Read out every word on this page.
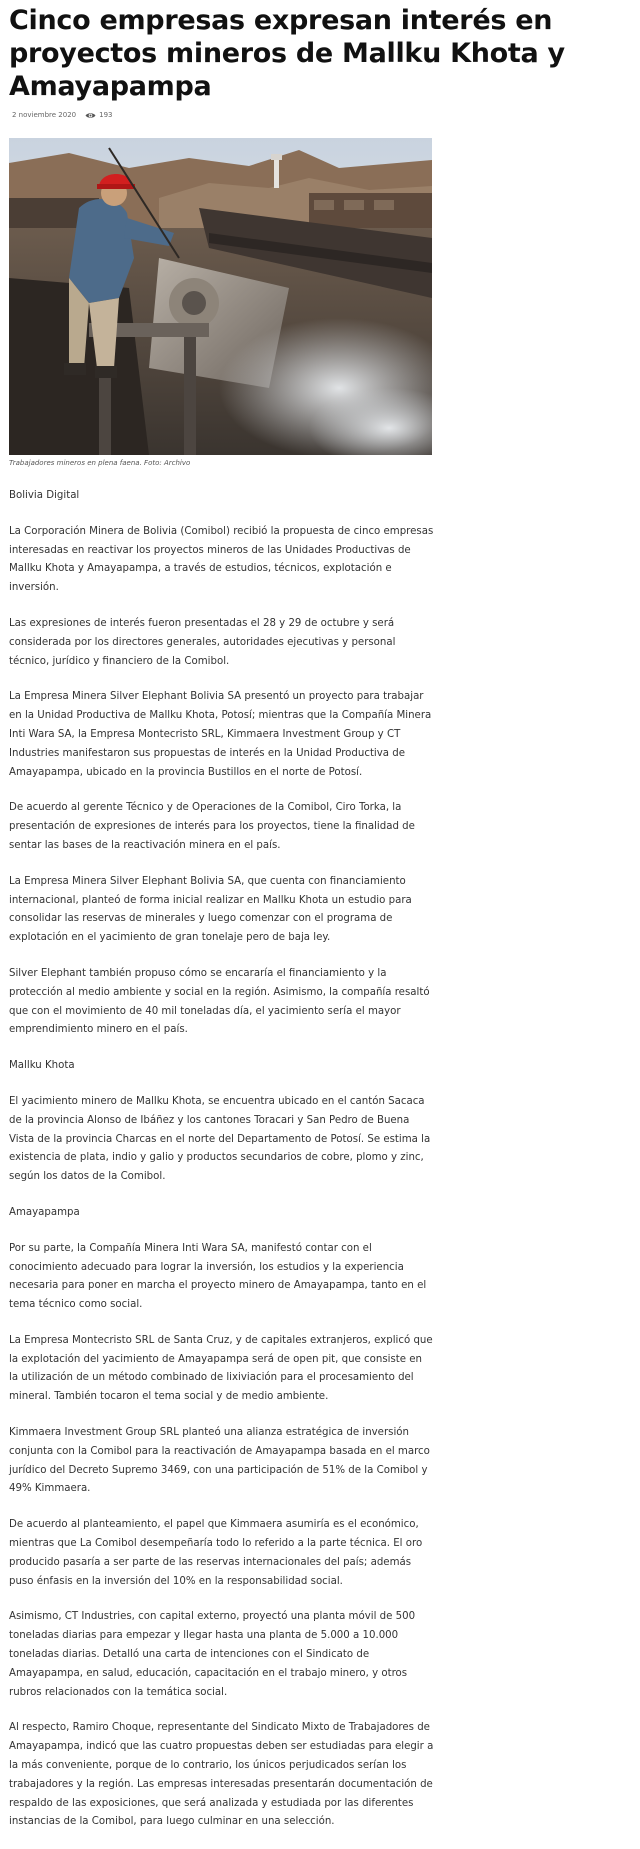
Cinco empresas expresan interés en proyectos mineros de Mallku Khota y Amayapampa
2 noviembre 2020	193
Trabajadores mineros en plena faena. Foto: Archivo

Bolivia Digital

La Corporación Minera de Bolivia (Comibol) recibió la propuesta de cinco empresas interesadas en reactivar los proyectos mineros de las Unidades Productivas de Mallku Khota y Amayapampa, a través de estudios, técnicos, explotación e inversión.

Las expresiones de interés fueron presentadas el 28 y 29 de octubre y será considerada por los directores generales, autoridades ejecutivas y personal técnico, jurídico y financiero de la Comibol.

La Empresa Minera Silver Elephant Bolivia SA presentó un proyecto para trabajar en la Unidad Productiva de Mallku Khota, Potosí; mientras que la Compañía Minera Inti Wara SA, la Empresa Montecristo SRL, Kimmaera Investment Group y CT Industries manifestaron sus propuestas de interés en la Unidad Productiva de Amayapampa, ubicado en la provincia Bustillos en el norte de Potosí.

De acuerdo al gerente Técnico y de Operaciones de la Comibol, Ciro Torka, la presentación de expresiones de interés para los proyectos, tiene la finalidad de sentar las bases de la reactivación minera en el país.

La Empresa Minera Silver Elephant Bolivia SA, que cuenta con financiamiento internacional, planteó de forma inicial realizar en Mallku Khota un estudio para consolidar las reservas de minerales y luego comenzar con el programa de explotación en el yacimiento de gran tonelaje pero de baja ley.

Silver Elephant también propuso cómo se encararía el financiamiento y la protección al medio ambiente y social en la región. Asimismo, la compañía resaltó que con el movimiento de 40 mil toneladas día, el yacimiento sería el mayor emprendimiento minero en el país.

Mallku Khota

El yacimiento minero de Mallku Khota, se encuentra ubicado en el cantón Sacaca de la provincia Alonso de Ibáñez y los cantones Toracari y San Pedro de Buena Vista de la provincia Charcas en el norte del Departamento de Potosí. Se estima la existencia de plata, indio y galio y productos secundarios de cobre, plomo y zinc, según los datos de la Comibol.

Amayapampa

Por su parte, la Compañía Minera Inti Wara SA, manifestó contar con el conocimiento adecuado para lograr la inversión, los estudios y la experiencia necesaria para poner en marcha el proyecto minero de Amayapampa, tanto en el tema técnico como social.

La Empresa Montecristo SRL de Santa Cruz, y de capitales extranjeros, explicó que la explotación del yacimiento de Amayapampa será de open pit, que consiste en la utilización de un método combinado de lixiviación para el procesamiento del mineral. También tocaron el tema social y de medio ambiente.

Kimmaera Investment Group SRL planteó una alianza estratégica de inversión conjunta con la Comibol para la reactivación de Amayapampa basada en el marco jurídico del Decreto Supremo 3469, con una participación de 51% de la Comibol y 49% Kimmaera.

De acuerdo al planteamiento, el papel que Kimmaera asumiría es el económico, mientras que La Comibol desempeñaría todo lo referido a la parte técnica. El oro producido pasaría a ser parte de las reservas internacionales del país; además puso énfasis en la inversión del 10% en la responsabilidad social.

Asimismo, CT Industries, con capital externo, proyectó una planta móvil de 500 toneladas diarias para empezar y llegar hasta una planta de 5.000 a 10.000 toneladas diarias. Detalló una carta de intenciones con el Sindicato de Amayapampa, en salud, educación, capacitación en el trabajo minero, y otros rubros relacionados con la temática social.

Al respecto, Ramiro Choque, representante del Sindicato Mixto de Trabajadores de Amayapampa, indicó que las cuatro propuestas deben ser estudiadas para elegir a la más conveniente, porque de lo contrario, los únicos perjudicados serían los trabajadores y la región. Las empresas interesadas presentarán documentación de respaldo de las exposiciones, que será analizada y estudiada por las diferentes instancias de la Comibol, para luego culminar en una selección.
